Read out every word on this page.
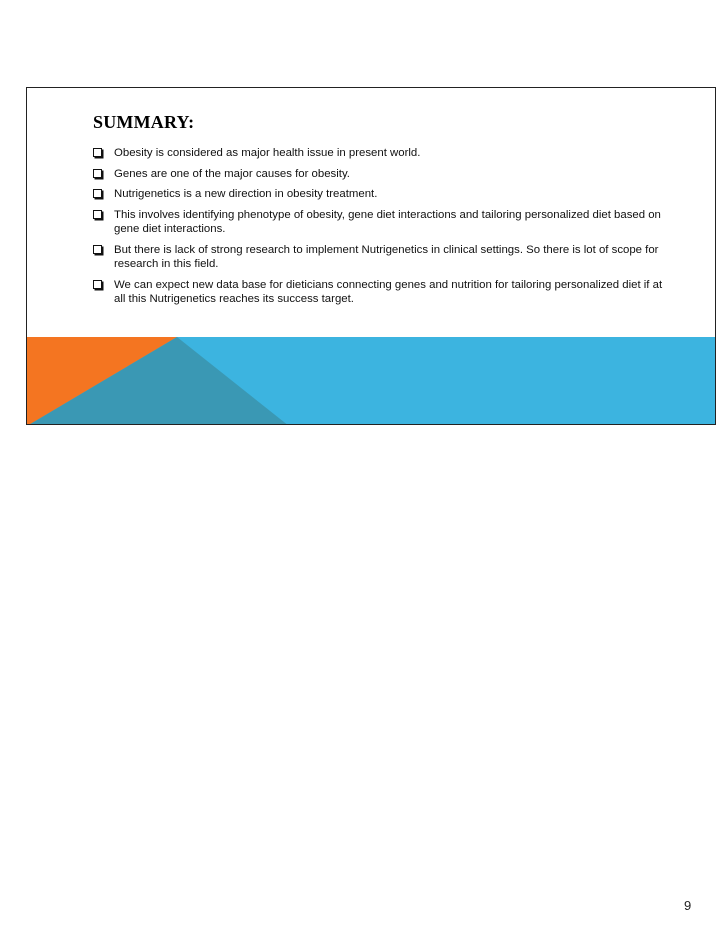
SUMMARY:
Obesity is considered as major health issue in present world.
Genes are one of the major causes for obesity.
Nutrigenetics is a new direction in obesity treatment.
This involves identifying phenotype of obesity, gene diet interactions and tailoring personalized diet based on gene diet interactions.
But there is lack of strong research to implement Nutrigenetics in clinical settings. So there is lot of scope for research in this field.
We can expect new data base for dieticians connecting genes and nutrition for tailoring personalized diet if at all this Nutrigenetics reaches its success target.
9
